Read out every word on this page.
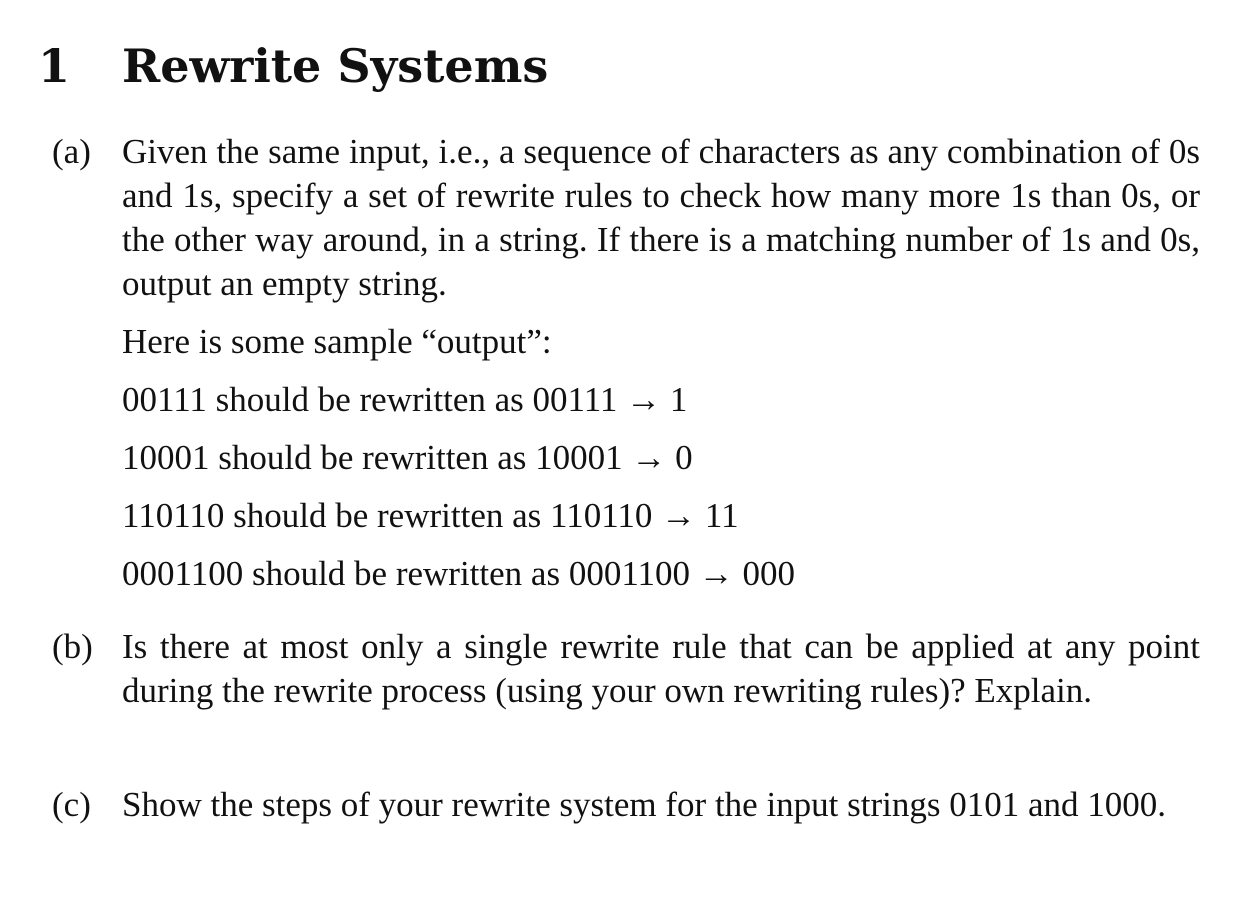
1 Rewrite Systems
(a) Given the same input, i.e., a sequence of characters as any combination of 0s and 1s, specify a set of rewrite rules to check how many more 1s than 0s, or the other way around, in a string. If there is a matching number of 1s and 0s, output an empty string.

Here is some sample “output”:

00111 should be rewritten as 00111 → 1

10001 should be rewritten as 10001 → 0

110110 should be rewritten as 110110 → 11

0001100 should be rewritten as 0001100 → 000

(b) Is there at most only a single rewrite rule that can be applied at any point during the rewrite process (using your own rewriting rules)? Explain.

(c) Show the steps of your rewrite system for the input strings 0101 and 1000.
